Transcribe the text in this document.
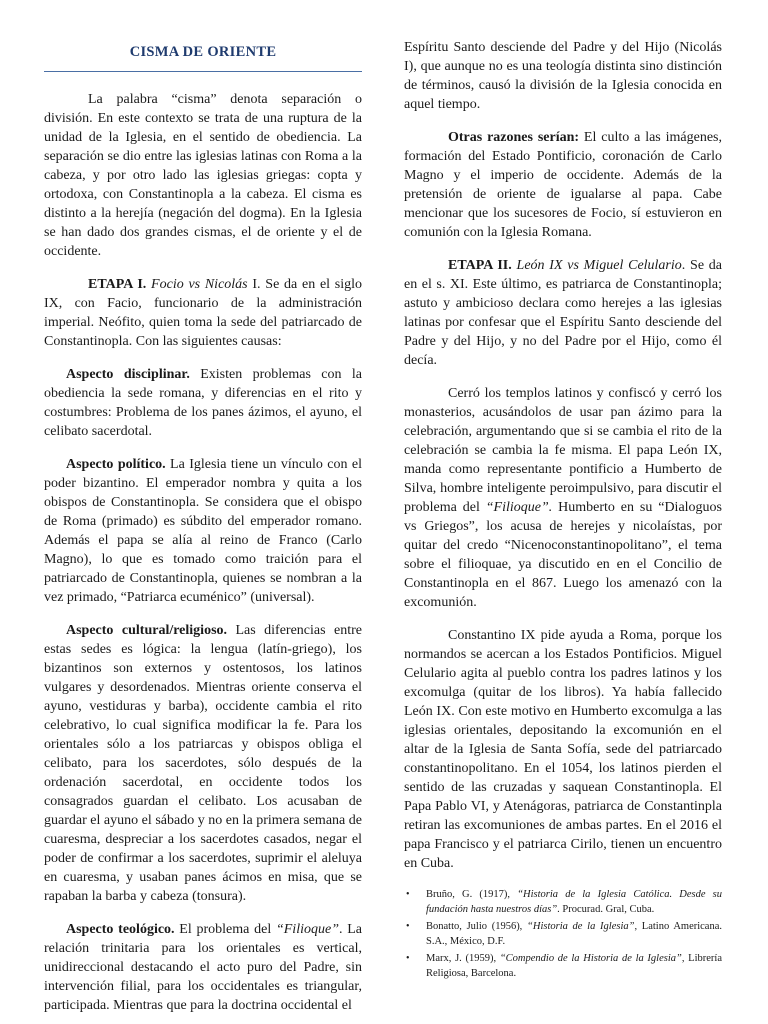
CISMA DE ORIENTE

La palabra “cisma” denota separación o división. En este contexto se trata de una ruptura de la unidad de la Iglesia, en el sentido de obediencia. La separación se dio entre las iglesias latinas con Roma a la cabeza, y por otro lado las iglesias griegas: copta y ortodoxa, con Constantinopla a la cabeza. El cisma es distinto a la herejía (negación del dogma). En la Iglesia se han dado dos grandes cismas, el de oriente y el de occidente.

ETAPA I. Focio vs Nicolás I. Se da en el siglo IX, con Facio, funcionario de la administración imperial. Neófito, quien toma la sede del patriarcado de Constantinopla. Con las siguientes causas:

Aspecto disciplinar. Existen problemas con la obediencia la sede romana, y diferencias en el rito y costumbres: Problema de los panes ázimos, el ayuno, el celibato sacerdotal.

Aspecto político. La Iglesia tiene un vínculo con el poder bizantino. El emperador nombra y quita a los obispos de Constantinopla. Se considera que el obispo de Roma (primado) es súbdito del emperador romano. Además el papa se alía al reino de Franco (Carlo Magno), lo que es tomado como traición para el patriarcado de Constantinopla, quienes se nombran a la vez primado, “Patriarca ecuménico” (universal).

Aspecto cultural/religioso. Las diferencias entre estas sedes es lógica: la lengua (latín-griego), los bizantinos son externos y ostentosos, los latinos vulgares y desordenados. Mientras oriente conserva el ayuno, vestiduras y barba), occidente cambia el rito celebrativo, lo cual significa modificar la fe. Para los orientales sólo a los patriarcas y obispos obliga el celibato, para los sacerdotes, sólo después de la ordenación sacerdotal, en occidente todos los consagrados guardan el celibato. Los acusaban de guardar el ayuno el sábado y no en la primera semana de cuaresma, despreciar a los sacerdotes casados, negar el poder de confirmar a los sacerdotes, suprimir el aleluya en cuaresma, y usaban panes ácimos en misa, que se rapaban la barba y cabeza (tonsura).

Aspecto teológico. El problema del “Filioque”. La relación trinitaria para los orientales es vertical, unidireccional destacando el acto puro del Padre, sin intervención filial, para los occidentales es triangular, participada. Mientras que para la doctrina occidental el

Espíritu Santo desciende del Padre y del Hijo (Nicolás I), que aunque no es una teología distinta sino distinción de términos, causó la división de la Iglesia conocida en aquel tiempo.

Otras razones serían: El culto a las imágenes, formación del Estado Pontificio, coronación de Carlo Magno y el imperio de occidente. Además de la pretensión de oriente de igualarse al papa. Cabe mencionar que los sucesores de Focio, sí estuvieron en comunión con la Iglesia Romana.

ETAPA II. León IX vs Miguel Celulario. Se da en el s. XI. Este último, es patriarca de Constantinopla; astuto y ambicioso declara como herejes a las iglesias latinas por confesar que el Espíritu Santo desciende del Padre y del Hijo, y no del Padre por el Hijo, como él decía.

Cerró los templos latinos y confiscó y cerró los monasterios, acusándolos de usar pan ázimo para la celebración, argumentando que si se cambia el rito de la celebración se cambia la fe misma. El papa León IX, manda como representante pontificio a Humberto de Silva, hombre inteligente peroimpulsivo, para discutir el problema del “Filioque”. Humberto en su “Dialoguos vs Griegos”, los acusa de herejes y nicolaístas, por quitar del credo “Nicenoconstantinopolitano”, el tema sobre el filioquae, ya discutido en en el Concilio de Constantinopla en el 867. Luego los amenazó con la excomunión.

Constantino IX pide ayuda a Roma, porque los normandos se acercan a los Estados Pontificios. Miguel Celulario agita al pueblo contra los padres latinos y los excomulga (quitar de los libros). Ya había fallecido León IX. Con este motivo en Humberto excomulga a las iglesias orientales, depositando la excomunión en el altar de la Iglesia de Santa Sofía, sede del patriarcado constantinopolitano. En el 1054, los latinos pierden el sentido de las cruzadas y saquean Constantinopla. El Papa Pablo VI, y Atenágoras, patriarca de Constantinpla retiran las excomuniones de ambas partes. En el 2016 el papa Francisco y el patriarca Cirilo, tienen un encuentro en Cuba.

• Bruño, G. (1917), “Historia de la Iglesia Católica. Desde su fundación hasta nuestros días”. Procurad. Gral, Cuba.
• Bonatto, Julio (1956), “Historia de la Iglesia”, Latino Americana. S.A., México, D.F.
• Marx, J. (1959), “Compendio de la Historia de la Iglesia”, Librería Religiosa, Barcelona.
